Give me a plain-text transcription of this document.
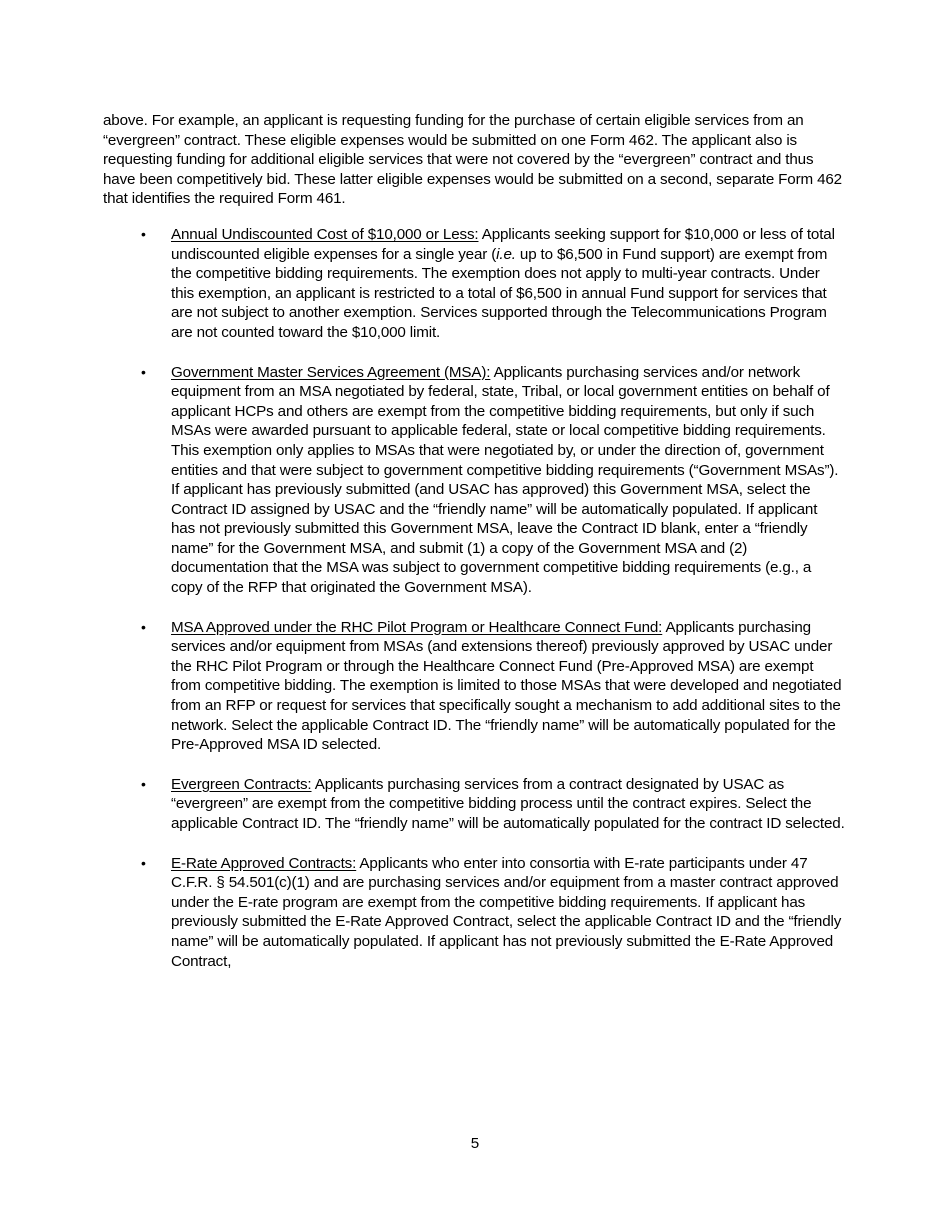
above. For example, an applicant is requesting funding for the purchase of certain eligible services from an “evergreen” contract. These eligible expenses would be submitted on one Form 462. The applicant also is requesting funding for additional eligible services that were not covered by the “evergreen” contract and thus have been competitively bid. These latter eligible expenses would be submitted on a second, separate Form 462 that identifies the required Form 461.

•	Annual Undiscounted Cost of $10,000 or Less: Applicants seeking support for $10,000 or less of total undiscounted eligible expenses for a single year (i.e. up to $6,500 in Fund support) are exempt from the competitive bidding requirements. The exemption does not apply to multi-year contracts. Under this exemption, an applicant is restricted to a total of $6,500 in annual Fund support for services that are not subject to another exemption. Services supported through the Telecommunications Program are not counted toward the $10,000 limit.
•	Government Master Services Agreement (MSA): Applicants purchasing services and/or network equipment from an MSA negotiated by federal, state, Tribal, or local government entities on behalf of applicant HCPs and others are exempt from the competitive bidding requirements, but only if such MSAs were awarded pursuant to applicable federal, state or local competitive bidding requirements. This exemption only applies to MSAs that were negotiated by, or under the direction of, government entities and that were subject to government competitive bidding requirements (“Government MSAs”). If applicant has previously submitted (and USAC has approved) this Government MSA, select the Contract ID assigned by USAC and the “friendly name” will be automatically populated. If applicant has not previously submitted this Government MSA, leave the Contract ID blank, enter a “friendly name” for the Government MSA, and submit (1) a copy of the Government MSA and (2) documentation that the MSA was subject to government competitive bidding requirements (e.g., a copy of the RFP that originated the Government MSA).
•	MSA Approved under the RHC Pilot Program or Healthcare Connect Fund: Applicants purchasing services and/or equipment from MSAs (and extensions thereof) previously approved by USAC under the RHC Pilot Program or through the Healthcare Connect Fund (Pre-Approved MSA) are exempt from competitive bidding. The exemption is limited to those MSAs that were developed and negotiated from an RFP or request for services that specifically sought a mechanism to add additional sites to the network. Select the applicable Contract ID. The “friendly name” will be automatically populated for the Pre-Approved MSA ID selected.
•	Evergreen Contracts: Applicants purchasing services from a contract designated by USAC as “evergreen” are exempt from the competitive bidding process until the contract expires. Select the applicable Contract ID. The “friendly name” will be automatically populated for the contract ID selected.
•	E-Rate Approved Contracts: Applicants who enter into consortia with E-rate participants under 47 C.F.R. § 54.501(c)(1) and are purchasing services and/or equipment from a master contract approved under the E-rate program are exempt from the competitive bidding requirements. If applicant has previously submitted the E-Rate Approved Contract, select the applicable Contract ID and the “friendly name” will be automatically populated. If applicant has not previously submitted the E-Rate Approved Contract,
5
